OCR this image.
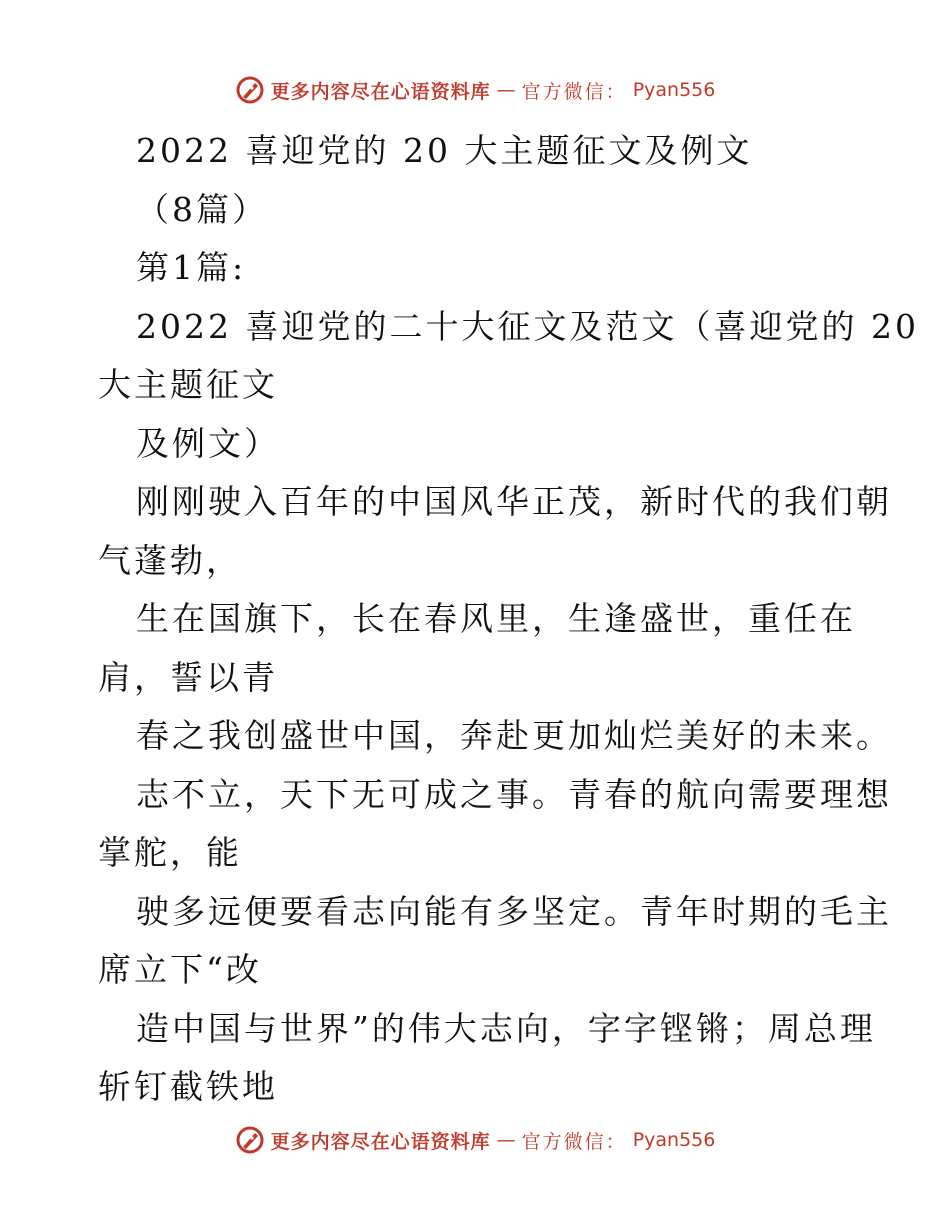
更多内容尽在心语资料库 — 官方微信： Pyan556
2022 喜迎党的 20 大主题征文及例文
（8篇）
第1篇:
2022 喜迎党的二十大征文及范文（喜迎党的 20
大主题征文
及例文）
刚刚驶入百年的中国风华正茂，新时代的我们朝
气蓬勃，
生在国旗下，长在春风里，生逢盛世，重任在
肩，誓以青
春之我创盛世中国，奔赴更加灿烂美好的未来。
志不立，天下无可成之事。青春的航向需要理想
掌舵，能
驶多远便要看志向能有多坚定。青年时期的毛主
席立下“改
造中国与世界”的伟大志向，字字铿锵；周总理
斩钉截铁地
更多内容尽在心语资料库 — 官方微信： Pyan556
